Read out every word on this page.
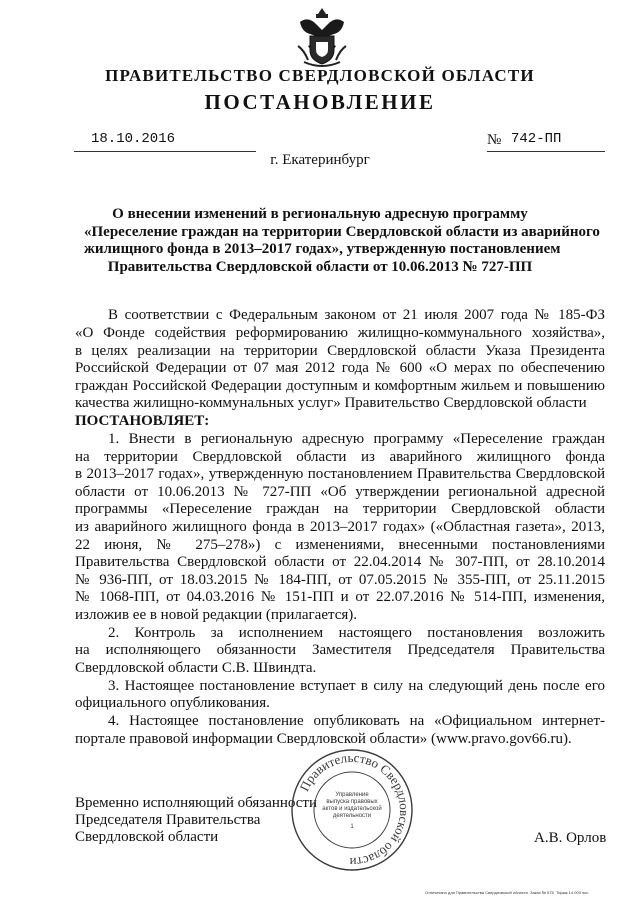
ПРАВИТЕЛЬСТВО СВЕРДЛОВСКОЙ ОБЛАСТИ
ПОСТАНОВЛЕНИЕ
18.10.2016	№ 742-ПП
г. Екатеринбург
О внесении изменений в региональную адресную программу
«Переселение граждан на территории Свердловской области из аварийного
жилищного фонда в 2013–2017 годах», утвержденную постановлением
Правительства Свердловской области от 10.06.2013 № 727-ПП
В соответствии с Федеральным законом от 21 июля 2007 года № 185-ФЗ
«О Фонде содействия реформированию жилищно-коммунального хозяйства»,
в целях реализации на территории Свердловской области Указа Президента
Российской Федерации от 07 мая 2012 года № 600 «О мерах по обеспечению
граждан Российской Федерации доступным и комфортным жильем и повышению
качества жилищно-коммунальных услуг» Правительство Свердловской области
ПОСТАНОВЛЯЕТ:
1. Внести в региональную адресную программу «Переселение граждан
на территории Свердловской области из аварийного жилищного фонда
в 2013–2017 годах», утвержденную постановлением Правительства Свердловской
области от 10.06.2013 № 727-ПП «Об утверждении региональной адресной
программы «Переселение граждан на территории Свердловской области
из аварийного жилищного фонда в 2013–2017 годах» («Областная газета», 2013,
22 июня, № 275–278») с изменениями, внесенными постановлениями
Правительства Свердловской области от 22.04.2014 № 307-ПП, от 28.10.2014
№ 936-ПП, от 18.03.2015 № 184-ПП, от 07.05.2015 № 355-ПП, от 25.11.2015
№ 1068-ПП, от 04.03.2016 № 151-ПП и от 22.07.2016 № 514-ПП, изменения,
изложив ее в новой редакции (прилагается).
2. Контроль за исполнением настоящего постановления возложить
на исполняющего обязанности Заместителя Председателя Правительства
Свердловской области С.В. Швиндта.
3. Настоящее постановление вступает в силу на следующий день после его
официального опубликования.
4. Настоящее постановление опубликовать на «Официальном интернет-
портале правовой информации Свердловской области» (www.pravo.gov66.ru).
Временно исполняющий обязанности
Председателя Правительства
Свердловской области	А.В. Орлов
Правительство Свердловской области
Управление
выпуска правовых
актов и издательской
деятельности
1
Отпечатано для Правительства Свердловской области. Заказ № 575. Тираж 14 000 экз.
